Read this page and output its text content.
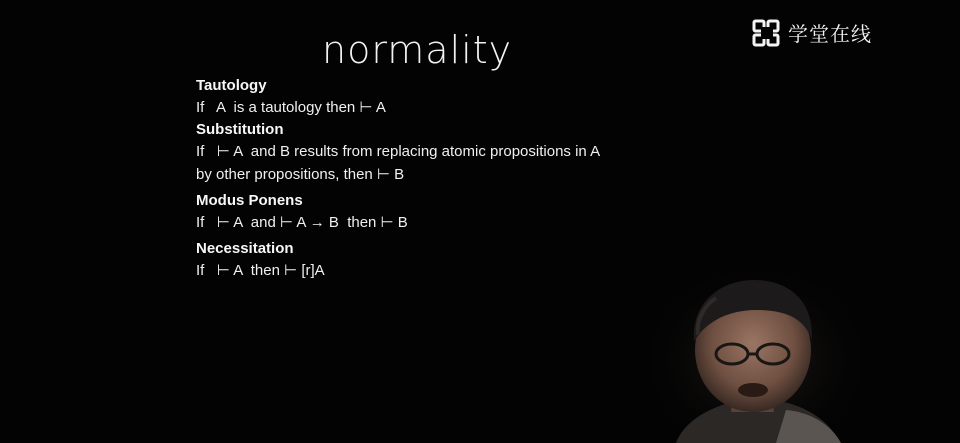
normality	学堂在线
Tautology
If   A  is a tautology then ⊢ A
Substitution
If   ⊢ A  and B results from replacing atomic propositions in A
by other propositions, then ⊢ B
Modus Ponens
If   ⊢ A  and ⊢ A → B  then ⊢ B
Necessitation
If   ⊢ A  then ⊢ [r]A
